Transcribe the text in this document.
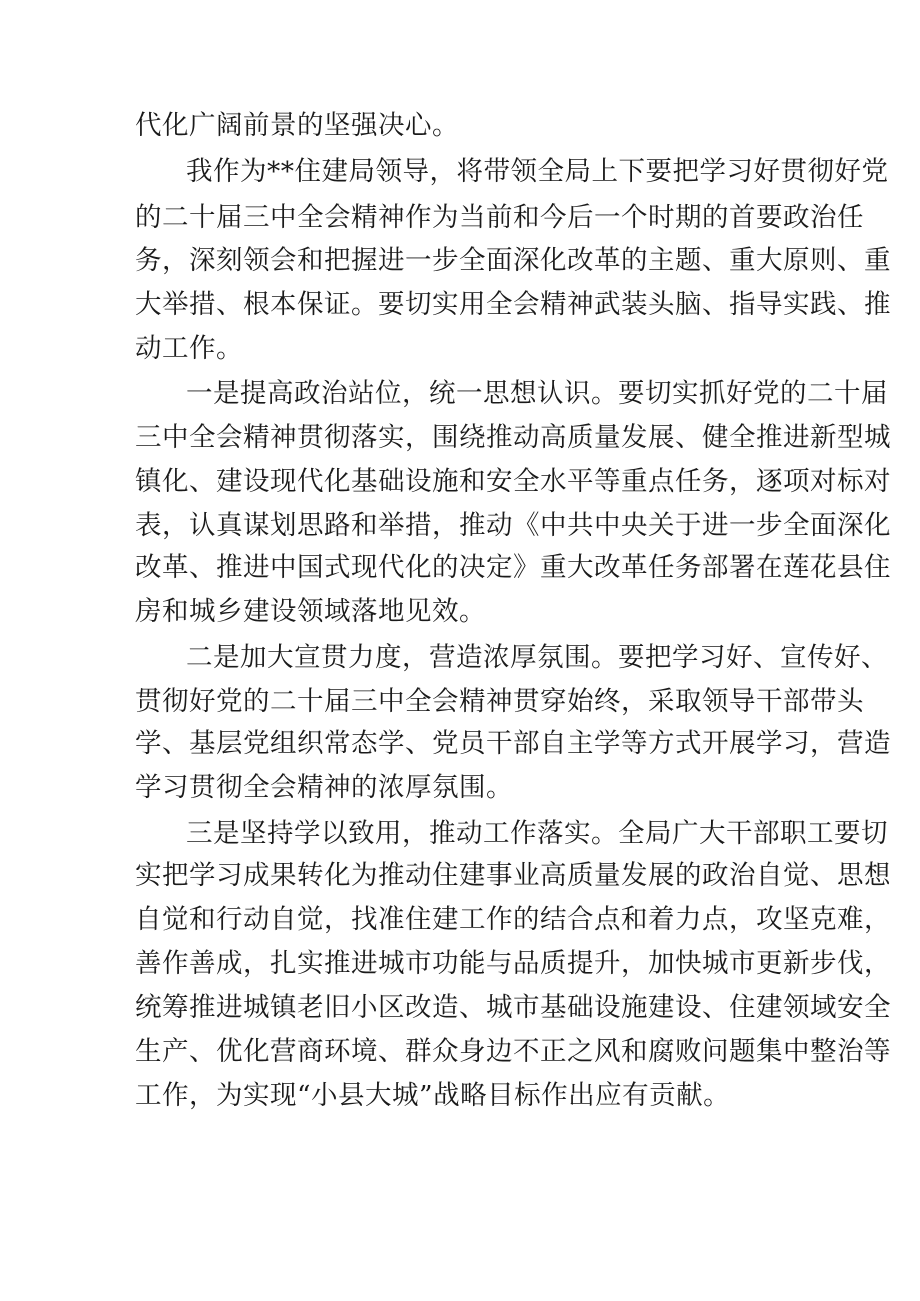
代化广阔前景的坚强决心。
我作为**住建局领导，将带领全局上下要把学习好贯彻好党
的二十届三中全会精神作为当前和今后一个时期的首要政治任
务，深刻领会和把握进一步全面深化改革的主题、重大原则、重
大举措、根本保证。要切实用全会精神武装头脑、指导实践、推
动工作。
一是提高政治站位，统一思想认识。要切实抓好党的二十届
三中全会精神贯彻落实，围绕推动高质量发展、健全推进新型城
镇化、建设现代化基础设施和安全水平等重点任务，逐项对标对
表，认真谋划思路和举措，推动《中共中央关于进一步全面深化
改革、推进中国式现代化的决定》重大改革任务部署在莲花县住
房和城乡建设领域落地见效。
二是加大宣贯力度，营造浓厚氛围。要把学习好、宣传好、
贯彻好党的二十届三中全会精神贯穿始终，采取领导干部带头
学、基层党组织常态学、党员干部自主学等方式开展学习，营造
学习贯彻全会精神的浓厚氛围。
三是坚持学以致用，推动工作落实。全局广大干部职工要切
实把学习成果转化为推动住建事业高质量发展的政治自觉、思想
自觉和行动自觉，找准住建工作的结合点和着力点，攻坚克难，
善作善成，扎实推进城市功能与品质提升，加快城市更新步伐，
统筹推进城镇老旧小区改造、城市基础设施建设、住建领域安全
生产、优化营商环境、群众身边不正之风和腐败问题集中整治等
工作，为实现“小县大城”战略目标作出应有贡献。
